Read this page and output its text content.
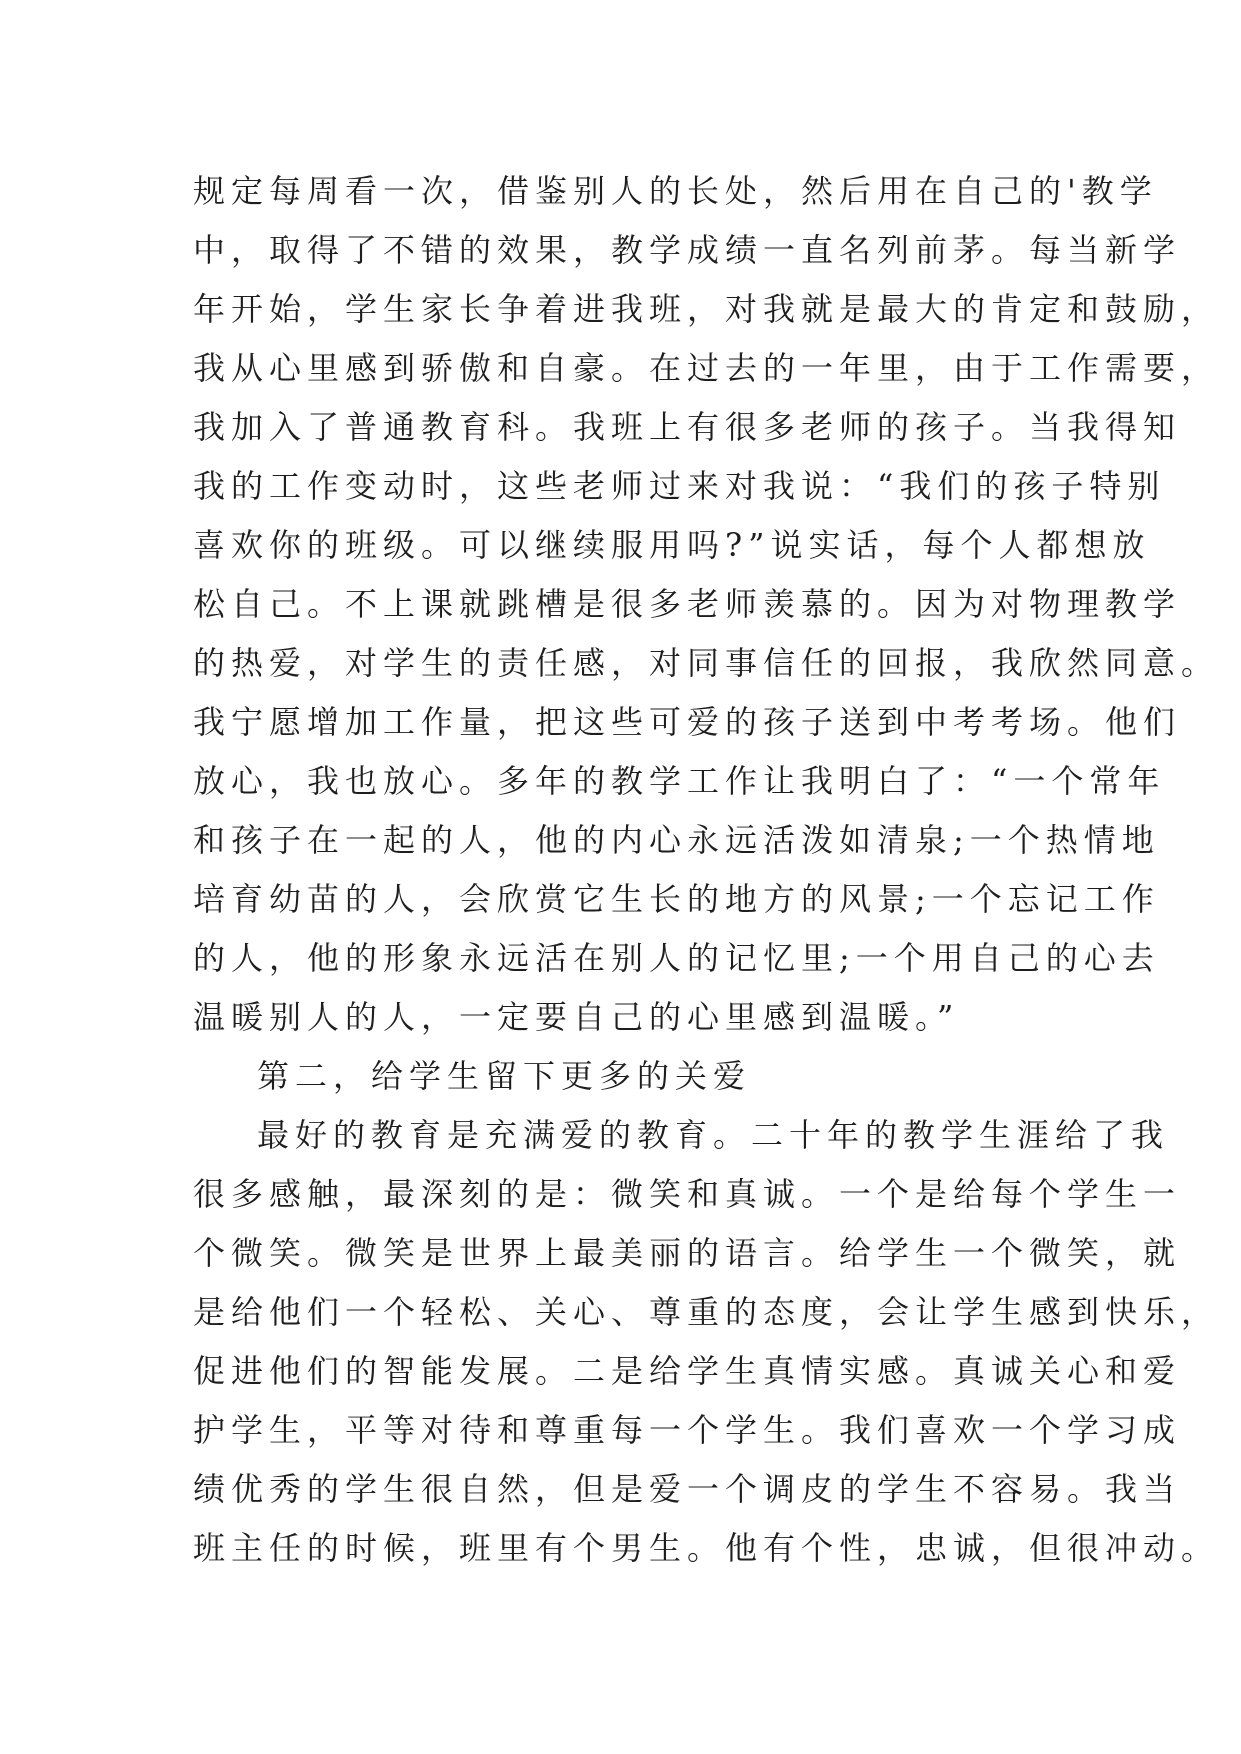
规定每周看一次，借鉴别人的长处，然后用在自己的'教学
中，取得了不错的效果，教学成绩一直名列前茅。每当新学
年开始，学生家长争着进我班，对我就是最大的肯定和鼓励，
我从心里感到骄傲和自豪。在过去的一年里，由于工作需要，
我加入了普通教育科。我班上有很多老师的孩子。当我得知
我的工作变动时，这些老师过来对我说：“我们的孩子特别
喜欢你的班级。可以继续服用吗?”说实话，每个人都想放
松自己。不上课就跳槽是很多老师羡慕的。因为对物理教学
的热爱，对学生的责任感，对同事信任的回报，我欣然同意。
我宁愿增加工作量，把这些可爱的孩子送到中考考场。他们
放心，我也放心。多年的教学工作让我明白了：“一个常年
和孩子在一起的人，他的内心永远活泼如清泉;一个热情地
培育幼苗的人，会欣赏它生长的地方的风景;一个忘记工作
的人，他的形象永远活在别人的记忆里;一个用自己的心去
温暖别人的人，一定要自己的心里感到温暖。”
第二，给学生留下更多的关爱
最好的教育是充满爱的教育。二十年的教学生涯给了我
很多感触，最深刻的是：微笑和真诚。一个是给每个学生一
个微笑。微笑是世界上最美丽的语言。给学生一个微笑，就
是给他们一个轻松、关心、尊重的态度，会让学生感到快乐，
促进他们的智能发展。二是给学生真情实感。真诚关心和爱
护学生，平等对待和尊重每一个学生。我们喜欢一个学习成
绩优秀的学生很自然，但是爱一个调皮的学生不容易。我当
班主任的时候，班里有个男生。他有个性，忠诚，但很冲动。
